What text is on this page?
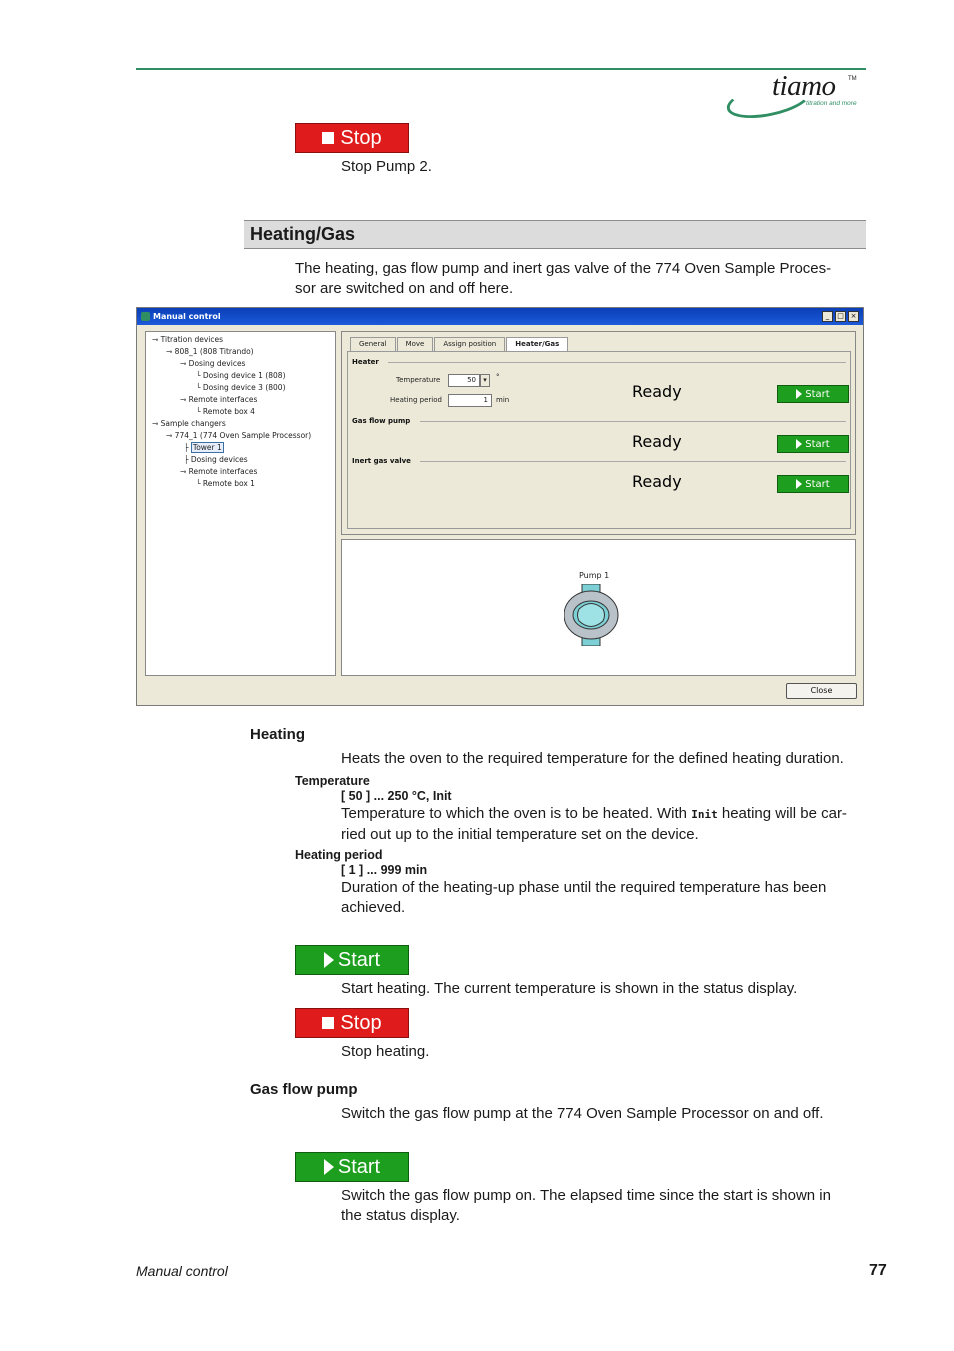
tiamo TM
titration and more
Stop
Stop Pump 2.
Heating/Gas
The heating, gas flow pump and inert gas valve of the 774 Oven Sample Proces-
sor are switched on and off here.
Manual control	_	□ ×
⊸ Titration devices
⊸ 808_1 (808 Titrando)
⊸ Dosing devices
└ Dosing device 1 (808)
└ Dosing device 3 (800)
⊸ Remote interfaces
└ Remote box 4
⊸ Sample changers
⊸ 774_1 (774 Oven Sample Processor)
├ Tower 1
├ Dosing devices
⊸ Remote interfaces
└ Remote box 1
General	Move	Assign position	Heater/Gas
Heater
Temperature	50	▾	°
Heating period	1	min	Ready	Start
Gas flow pump
Ready	Start
Inert gas valve
Ready	Start
Pump 1
Close
Heating
Heats the oven to the required temperature for the defined heating duration.
Temperature
[ 50 ] ... 250 °C, Init
Temperature to which the oven is to be heated. With Init heating will be car-
ried out up to the initial temperature set on the device.
Heating period
[ 1 ] ... 999 min
Duration of the heating-up phase until the required temperature has been
achieved.
Start
Start heating. The current temperature is shown in the status display.
Stop
Stop heating.
Gas flow pump
Switch the gas flow pump at the 774 Oven Sample Processor on and off.
Start
Switch the gas flow pump on. The elapsed time since the start is shown in
the status display.
Manual control	77
